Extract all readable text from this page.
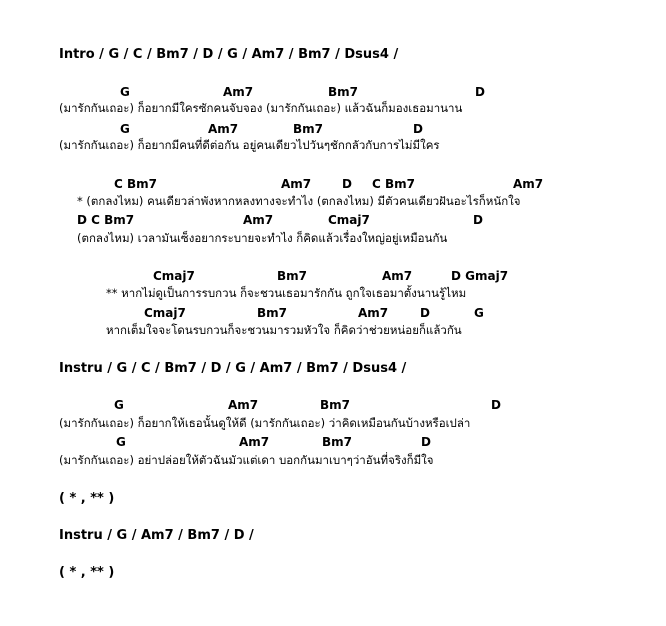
Intro / G / C / Bm7 / D / G / Am7 / Bm7 / Dsus4 /
G	Am7	Bm7	D
(มารักกันเถอะ) ก็อยากมีใครซักคนจับจอง (มารักกันเถอะ) แล้วฉันก็มองเธอมานาน
G	Am7	Bm7	D
(มารักกันเถอะ) ก็อยากมีคนที่ดีต่อกัน อยู่คนเดียวไปวันๆชักกลัวกับการไม่มีใคร
C Bm7	Am7	D C Bm7	Am7
* (ตกลงไหม) คนเดียวล่าพังหากหลงทางจะทำไง (ตกลงไหม) มีตัวคนเดียวฝันอะไรก็หนักใจ
D C Bm7	Am7	Cmaj7	D
(ตกลงไหม) เวลามันเซ็งอยากระบายจะทำไง ก็คิดแล้วเรื่องใหญ่อยู่เหมือนกัน
Cmaj7	Bm7	Am7	D Gmaj7
** หากไม่ดูเป็นการรบกวน ก็จะชวนเธอมารักกัน ถูกใจเธอมาตั้งนานรู้ไหม
Cmaj7	Bm7	Am7	D	G
หากเต็มใจจะโดนรบกวนก็จะชวนมารวมหัวใจ ก็คิดว่าช่วยหน่อยก็แล้วกัน
Instru / G / C / Bm7 / D / G / Am7 / Bm7 / Dsus4 /
G	Am7	Bm7	D
(มารักกันเถอะ) ก็อยากให้เธอนั้นดูให้ดี (มารักกันเถอะ) ว่าคิดเหมือนกันบ้างหรือเปล่า
G	Am7	Bm7	D
(มารักกันเถอะ) อย่าปล่อยให้ตัวฉันมัวแต่เดา บอกกันมาเบาๆว่าอันที่จริงก็มีใจ
( * , ** )
Instru / G / Am7 / Bm7 / D /
( * , ** )
